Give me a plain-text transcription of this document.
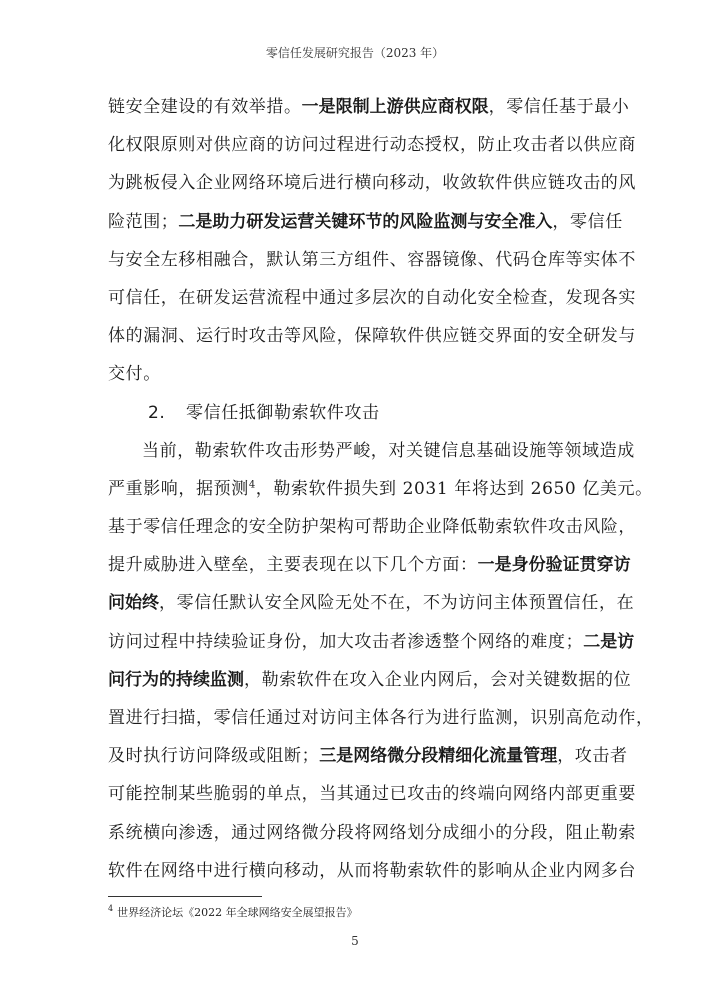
零信任发展研究报告（2023 年）
链安全建设的有效举措。一是限制上游供应商权限，零信任基于最小
化权限原则对供应商的访问过程进行动态授权，防止攻击者以供应商
为跳板侵入企业网络环境后进行横向移动，收敛软件供应链攻击的风
险范围；二是助力研发运营关键环节的风险监测与安全准入，零信任
与安全左移相融合，默认第三方组件、容器镜像、代码仓库等实体不
可信任，在研发运营流程中通过多层次的自动化安全检查，发现各实
体的漏洞、运行时攻击等风险，保障软件供应链交界面的安全研发与
交付。
2. 零信任抵御勒索软件攻击
当前，勒索软件攻击形势严峻，对关键信息基础设施等领域造成
严重影响，据预测$^4$，勒索软件损失到 2031 年将达到 2650 亿美元。
基于零信任理念的安全防护架构可帮助企业降低勒索软件攻击风险，
提升威胁进入壁垒，主要表现在以下几个方面：一是身份验证贯穿访
问始终，零信任默认安全风险无处不在，不为访问主体预置信任，在
访问过程中持续验证身份，加大攻击者渗透整个网络的难度；二是访
问行为的持续监测，勒索软件在攻入企业内网后，会对关键数据的位
置进行扫描，零信任通过对访问主体各行为进行监测，识别高危动作，
及时执行访问降级或阻断；三是网络微分段精细化流量管理，攻击者
可能控制某些脆弱的单点，当其通过已攻击的终端向网络内部更重要
系统横向渗透，通过网络微分段将网络划分成细小的分段，阻止勒索
软件在网络中进行横向移动，从而将勒索软件的影响从企业内网多台
$^4$ 世界经济论坛《2022 年全球网络安全展望报告》
5
